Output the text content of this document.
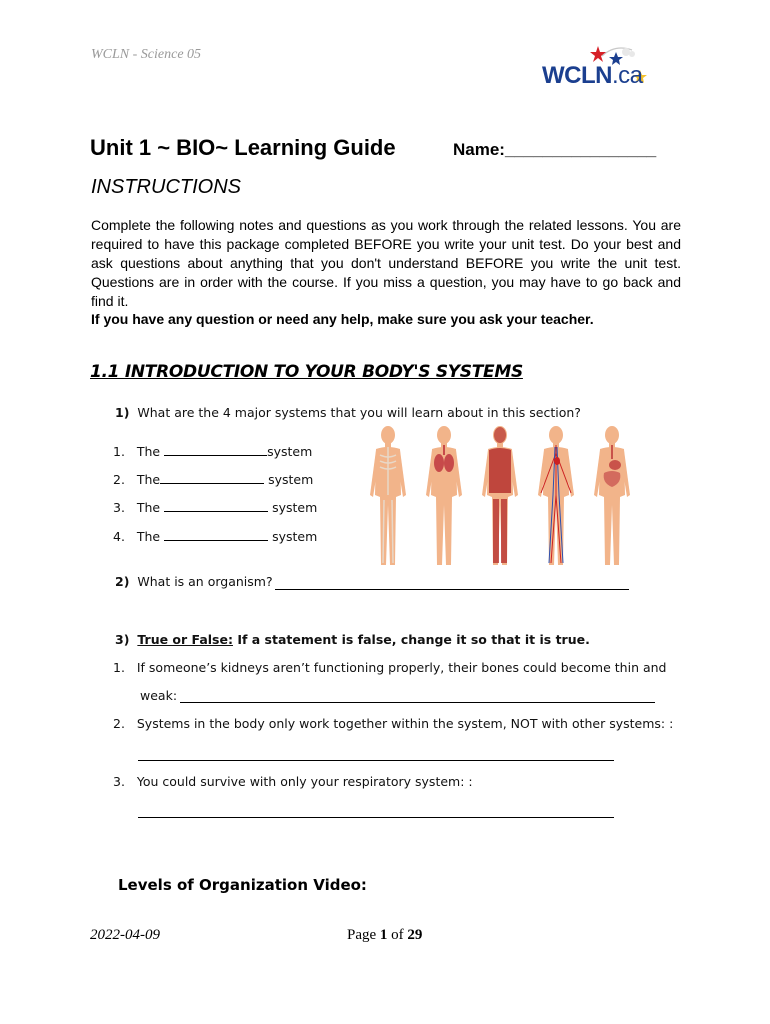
WCLN - Science 05
WCLN.ca
Unit 1 ~ BIO~ Learning Guide	Name:________________
INSTRUCTIONS
Complete the following notes and questions as you work through the related lessons. You are required to have this package completed BEFORE you write your unit test. Do your best and ask questions about anything that you don't understand BEFORE you write the unit test. Questions are in order with the course. If you miss a question, you may have to go back and find it.
If you have any question or need any help, make sure you ask your teacher.
1.1 INTRODUCTION TO YOUR BODY'S SYSTEMS
1) What are the 4 major systems that you will learn about in this section?
1. The	system
2. The	system
3. The	system
4. The	system
2) What is an organism?
3) True or False: If a statement is false, change it so that it is true.
1. If someone’s kidneys aren’t functioning properly, their bones could become thin and
weak:
2. Systems in the body only work together within the system, NOT with other systems: :
3. You could survive with only your respiratory system: :
Levels of Organization Video:
2022-04-09	Page 1 of 29
